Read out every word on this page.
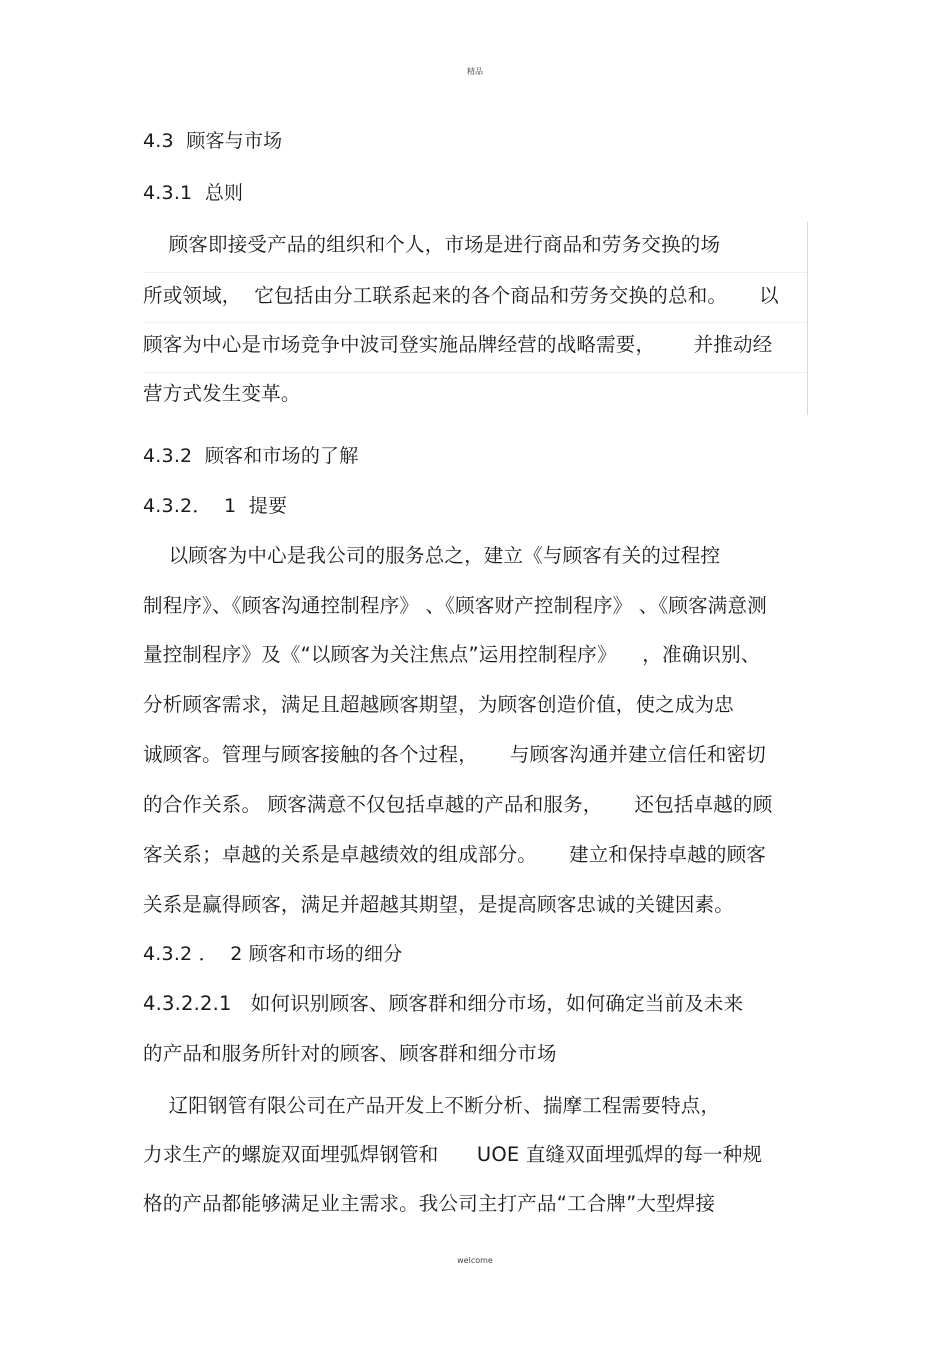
精品
4.3  顾客与市场
4.3.1  总则
顾客即接受产品的组织和个人，市场是进行商品和劳务交换的场
所或领域，  它包括由分工联系起来的各个商品和劳务交换的总和。     以
顾客为中心是市场竞争中波司登实施品牌经营的战略需要，      并推动经
营方式发生变革。
4.3.2  顾客和市场的了解
4.3.2．  1  提要
以顾客为中心是我公司的服务总之，建立《与顾客有关的过程控
制程序》、《顾客沟通控制程序》 、《顾客财产控制程序》 、《顾客满意测
量控制程序》及《“以顾客为关注焦点”运用控制程序》    ，准确识别、
分析顾客需求，满足且超越顾客期望，为顾客创造价值，使之成为忠
诚顾客。管理与顾客接触的各个过程，     与顾客沟通并建立信任和密切
的合作关系。 顾客满意不仅包括卓越的产品和服务，     还包括卓越的顾
客关系；卓越的关系是卓越绩效的组成部分。     建立和保持卓越的顾客
关系是赢得顾客，满足并超越其期望，是提高顾客忠诚的关键因素。
4.3.2 ．  2 顾客和市场的细分
4.3.2.2.1   如何识别顾客、顾客群和细分市场，如何确定当前及未来
的产品和服务所针对的顾客、顾客群和细分市场
辽阳钢管有限公司在产品开发上不断分析、揣摩工程需要特点，
力求生产的螺旋双面埋弧焊钢管和      UOE 直缝双面埋弧焊的每一种规
格的产品都能够满足业主需求。我公司主打产品“工合牌”大型焊接
welcome
